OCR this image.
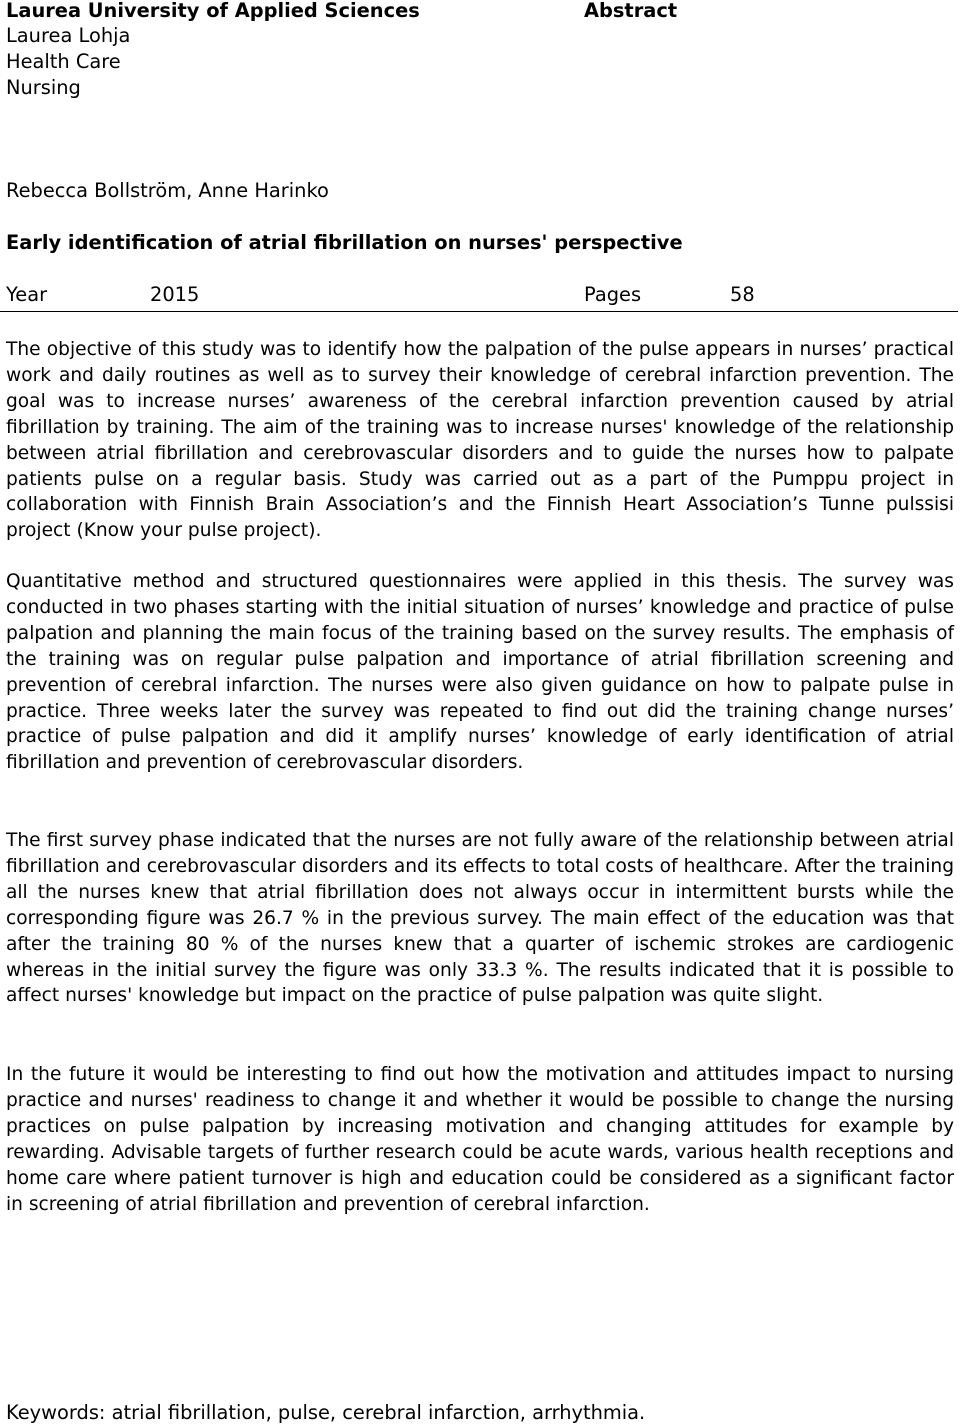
Laurea University of Applied Sciences	Abstract
Laurea Lohja
Health Care
Nursing
Rebecca Bollström, Anne Harinko
Early identification of atrial fibrillation on nurses' perspective
Year	2015	Pages	58
The objective of this study was to identify how the palpation of the pulse appears in nurses’ practical work and daily routines as well as to survey their knowledge of cerebral infarction prevention. The goal was to increase nurses’ awareness of the cerebral infarction prevention caused by atrial fibrillation by training. The aim of the training was to increase nurses' knowledge of the relationship between atrial fibrillation and cerebrovascular disorders and to guide the nurses how to palpate patients pulse on a regular basis. Study was carried out as a part of the Pumppu project in collaboration with Finnish Brain Association’s and the Finnish Heart Association’s Tunne pulssisi project (Know your pulse project).
Quantitative method and structured questionnaires were applied in this thesis. The survey was conducted in two phases starting with the initial situation of nurses’ knowledge and practice of pulse palpation and planning the main focus of the training based on the survey results. The emphasis of the training was on regular pulse palpation and importance of atrial fibrillation screening and prevention of cerebral infarction. The nurses were also given guidance on how to palpate pulse in practice. Three weeks later the survey was repeated to find out did the training change nurses’ practice of pulse palpation and did it amplify nurses’ knowledge of early identification of atrial fibrillation and prevention of cerebrovascular disorders.
The first survey phase indicated that the nurses are not fully aware of the relationship between atrial fibrillation and cerebrovascular disorders and its effects to total costs of healthcare. After the training all the nurses knew that atrial fibrillation does not always occur in intermittent bursts while the corresponding figure was 26.7 % in the previous survey. The main effect of the education was that after the training 80 % of the nurses knew that a quarter of ischemic strokes are cardiogenic whereas in the initial survey the figure was only 33.3 %. The results indicated that it is possible to affect nurses' knowledge but impact on the practice of pulse palpation was quite slight.
In the future it would be interesting to find out how the motivation and attitudes impact to nursing practice and nurses' readiness to change it and whether it would be possible to change the nursing practices on pulse palpation by increasing motivation and changing attitudes for example by rewarding. Advisable targets of further research could be acute wards, various health receptions and home care where patient turnover is high and education could be considered as a significant factor in screening of atrial fibrillation and prevention of cerebral infarction.
Keywords: atrial fibrillation, pulse, cerebral infarction, arrhythmia.
